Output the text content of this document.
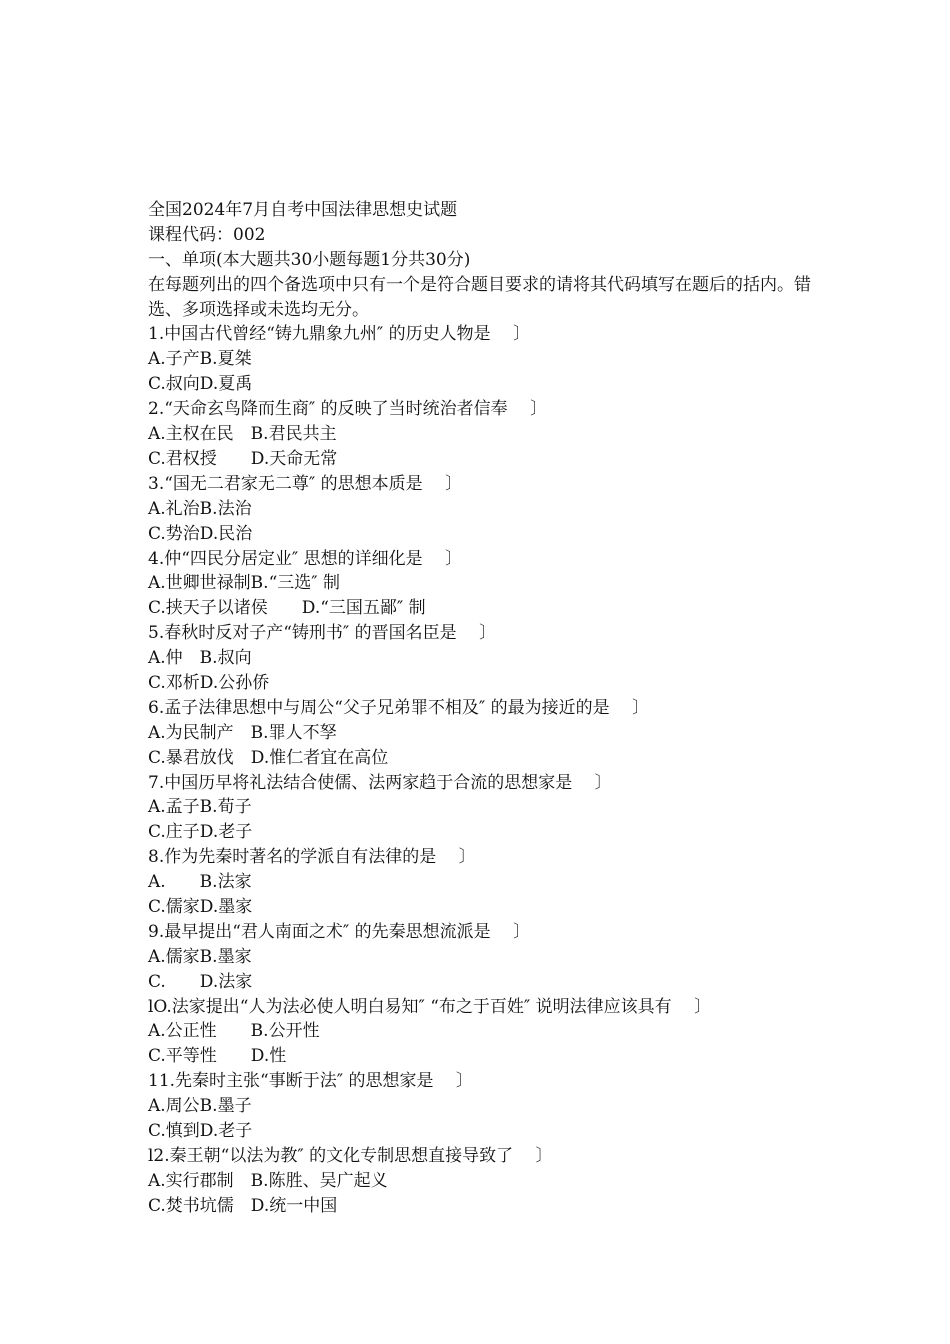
全国2024年7月自考中国法律思想史试题
课程代码：002
一、单项(本大题共30小题每题1分共30分)
在每题列出的四个备选项中只有一个是符合题目要求的请将其代码填写在题后的括内。错选、多项选择或未选均无分。
1.中国古代曾经“铸九鼎象九州″ 的历史人物是　 〕
A.子产B.夏桀
C.叔向D.夏禹
2.“天命玄鸟降而生商″ 的反映了当时统治者信奉　 〕
A.主权在民　B.君民共主
C.君权授　　D.天命无常
3.“国无二君家无二尊″ 的思想本质是　 〕
A.礼治B.法治
C.势治D.民治
4.仲“四民分居定业″ 思想的详细化是　 〕
A.世卿世禄制B.“三选″ 制
C.挟天子以诸侯　　D.“三国五鄙″ 制
5.春秋时反对子产“铸刑书″ 的晋国名臣是　 〕
A.仲　B.叔向
C.邓析D.公孙侨
6.孟子法律思想中与周公“父子兄弟罪不相及″ 的最为接近的是　 〕
A.为民制产　B.罪人不孥
C.暴君放伐　D.惟仁者宜在高位
7.中国历早将礼法结合使儒、法两家趋于合流的思想家是　 〕
A.孟子B.荀子
C.庄子D.老子
8.作为先秦时著名的学派自有法律的是　 〕
A.　　B.法家
C.儒家D.墨家
9.最早提出“君人南面之术″ 的先秦思想流派是　 〕
A.儒家B.墨家
C.　　D.法家
lO.法家提出“人为法必使人明白易知″ “布之于百姓″ 说明法律应该具有　 〕
A.公正性　　B.公开性
C.平等性　　D.性
11.先秦时主张“事断于法″ 的思想家是　 〕
A.周公B.墨子
C.慎到D.老子
l2.秦王朝“以法为教″ 的文化专制思想直接导致了　 〕
A.实行郡制　B.陈胜、吴广起义
C.焚书坑儒　D.统一中国
